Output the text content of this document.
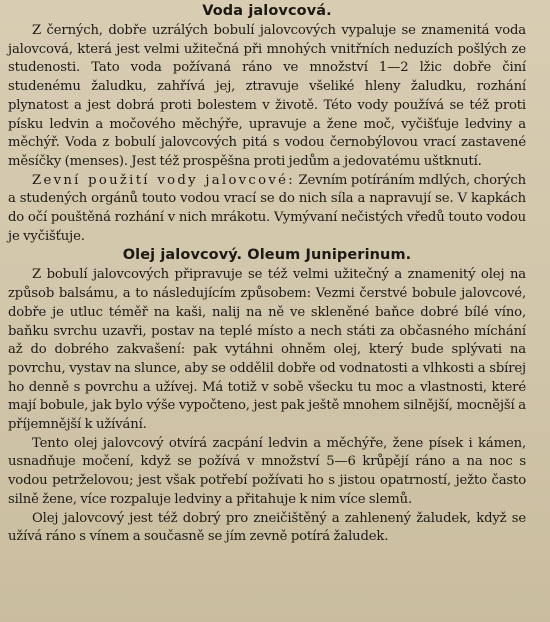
Voda jalovcová.

Z černých, dobře uzrálých bobulí jalovcových vypaluje se znamenitá voda jalovcová, která jest velmi užitečná při mnohých vnitřních neduzích pošlých ze studenosti. Tato voda požívaná ráno ve množství 1—2 lžic dobře činí studenému žaludku, zahřívá jej, ztravuje všeliké hleny žaludku, rozhání plynatost a jest dobrá proti bolestem v životě. Této vody používá se též proti písku ledvin a močového měchýře, upravuje a žene moč, vyčišťuje ledviny a měchýř. Voda z bobulí jalovcových pitá s vodou černobýlovou vrací zastavené měsíčky (menses). Jest též prospěšna proti jedům a jedovatému uštknutí.

Zevní použití vody jalovcové: Zevním potíráním mdlých, chorých a studených orgánů touto vodou vrací se do nich síla a napravují se. V kapkách do očí pouštěná rozhání v nich mrákotu. Vymývaní nečistých vředů touto vodou je vyčišťuje.

Olej jalovcový. Oleum Juniperinum.

Z bobulí jalovcových připravuje se též velmi užitečný a znamenitý olej na způsob balsámu, a to následujícím způsobem: Vezmi čerstvé bobule jalovcové, dobře je utluc téměř na kaši, nalij na ně ve skleněné baňce dobré bílé víno, baňku svrchu uzavři, postav na teplé místo a nech státi za občasného míchání až do dobrého zakvašení: pak vytáhni ohněm olej, který bude splývati na povrchu, vystav na slunce, aby se oddělil dobře od vodnatosti a vlhkosti a sbírej ho denně s povrchu a užívej. Má totiž v sobě všecku tu moc a vlastnosti, které mají bobule, jak bylo výše vypočteno, jest pak ještě mnohem silnější, mocnější a příjemnější k užívání.

Tento olej jalovcový otvírá zacpání ledvin a měchýře, žene písek i kámen, usnadňuje močení, když se požívá v množství 5—6 krůpějí ráno a na noc s vodou petrželovou; jest však potřebí požívati ho s jistou opatrností, ježto často silně žene, více rozpaluje ledviny a přitahuje k nim více slemů.

Olej jalovcový jest též dobrý pro zneičištěný a zahlenený žaludek, když se užívá ráno s vínem a současně se jím zevně potírá žaludek.
